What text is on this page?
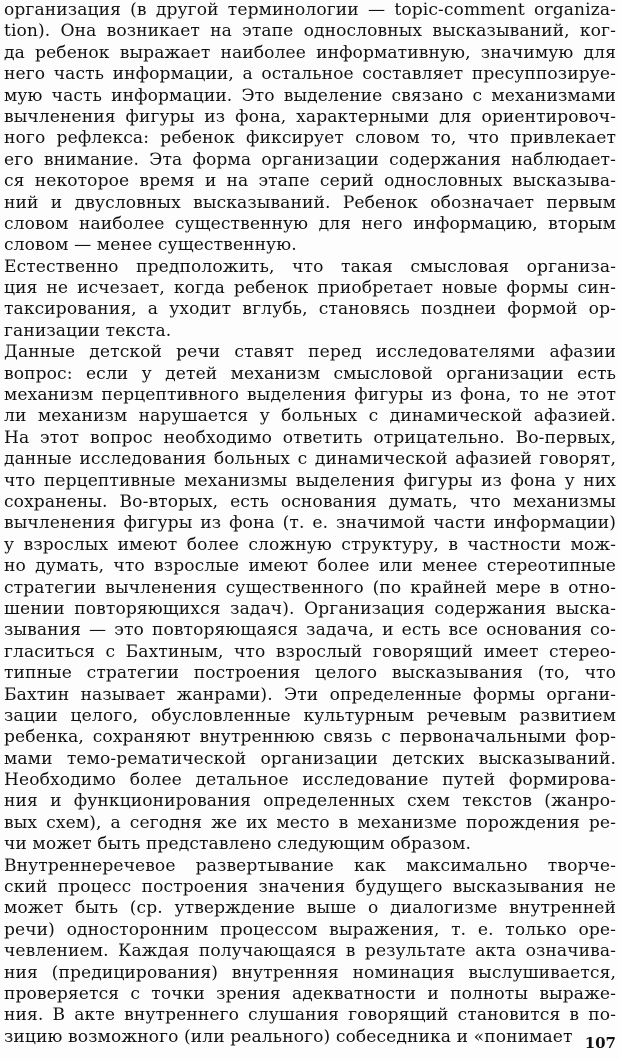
организация (в другой терминологии — topic-comment organiza-
tion). Она возникает на этапе однословных высказываний, ког-
да ребенок выражает наиболее информативную, значимую для
него часть информации, а остальное составляет пресуппозируе-
мую часть информации. Это выделение связано с механизмами
вычленения фигуры из фона, характерными для ориентировоч-
ного рефлекса: ребенок фиксирует словом то, что привлекает
его внимание. Эта форма организации содержания наблюдает-
ся некоторое время и на этапе серий однословных высказыва-
ний и двусловных высказываний. Ребенок обозначает первым
словом наиболее существенную для него информацию, вторым
словом — менее существенную.
Естественно предположить, что такая смысловая организа-
ция не исчезает, когда ребенок приобретает новые формы син-
таксирования, а уходит вглубь, становясь позднеи формой ор-
ганизации текста.
Данные детской речи ставят перед исследователями афазии
вопрос: если у детей механизм смысловой организации есть
механизм перцептивного выделения фигуры из фона, то не этот
ли механизм нарушается у больных с динамической афазией.
На этот вопрос необходимо ответить отрицательно. Во-первых,
данные исследования больных с динамической афазией говорят,
что перцептивные механизмы выделения фигуры из фона у них
сохранены. Во-вторых, есть основания думать, что механизмы
вычленения фигуры из фона (т. е. значимой части информации)
у взрослых имеют более сложную структуру, в частности мож-
но думать, что взрослые имеют более или менее стереотипные
стратегии вычленения существенного (по крайней мере в отно-
шении повторяющихся задач). Организация содержания выска-
зывания — это повторяющаяся задача, и есть все основания со-
гласиться с Бахтиным, что взрослый говорящий имеет стерео-
типные стратегии построения целого высказывания (то, что
Бахтин называет жанрами). Эти определенные формы органи-
зации целого, обусловленные культурным речевым развитием
ребенка, сохраняют внутреннюю связь с первоначальными фор-
мами темо-рематической организации детских высказываний.
Необходимо более детальное исследование путей формирова-
ния и функционирования определенных схем текстов (жанро-
вых схем), а сегодня же их место в механизме порождения ре-
чи может быть представлено следующим образом.
Внутреннеречевое развертывание как максимально творче-
ский процесс построения значения будущего высказывания не
может быть (ср. утверждение выше о диалогизме внутренней
речи) односторонним процессом выражения, т. е. только оре-
чевлением. Каждая получающаяся в результате акта означива-
ния (предицирования) внутренняя номинация выслушивается,
проверяется с точки зрения адекватности и полноты выраже-
ния. В акте внутреннего слушания говорящий становится в по-
зицию возможного (или реального) собеседника и «понимает 107
